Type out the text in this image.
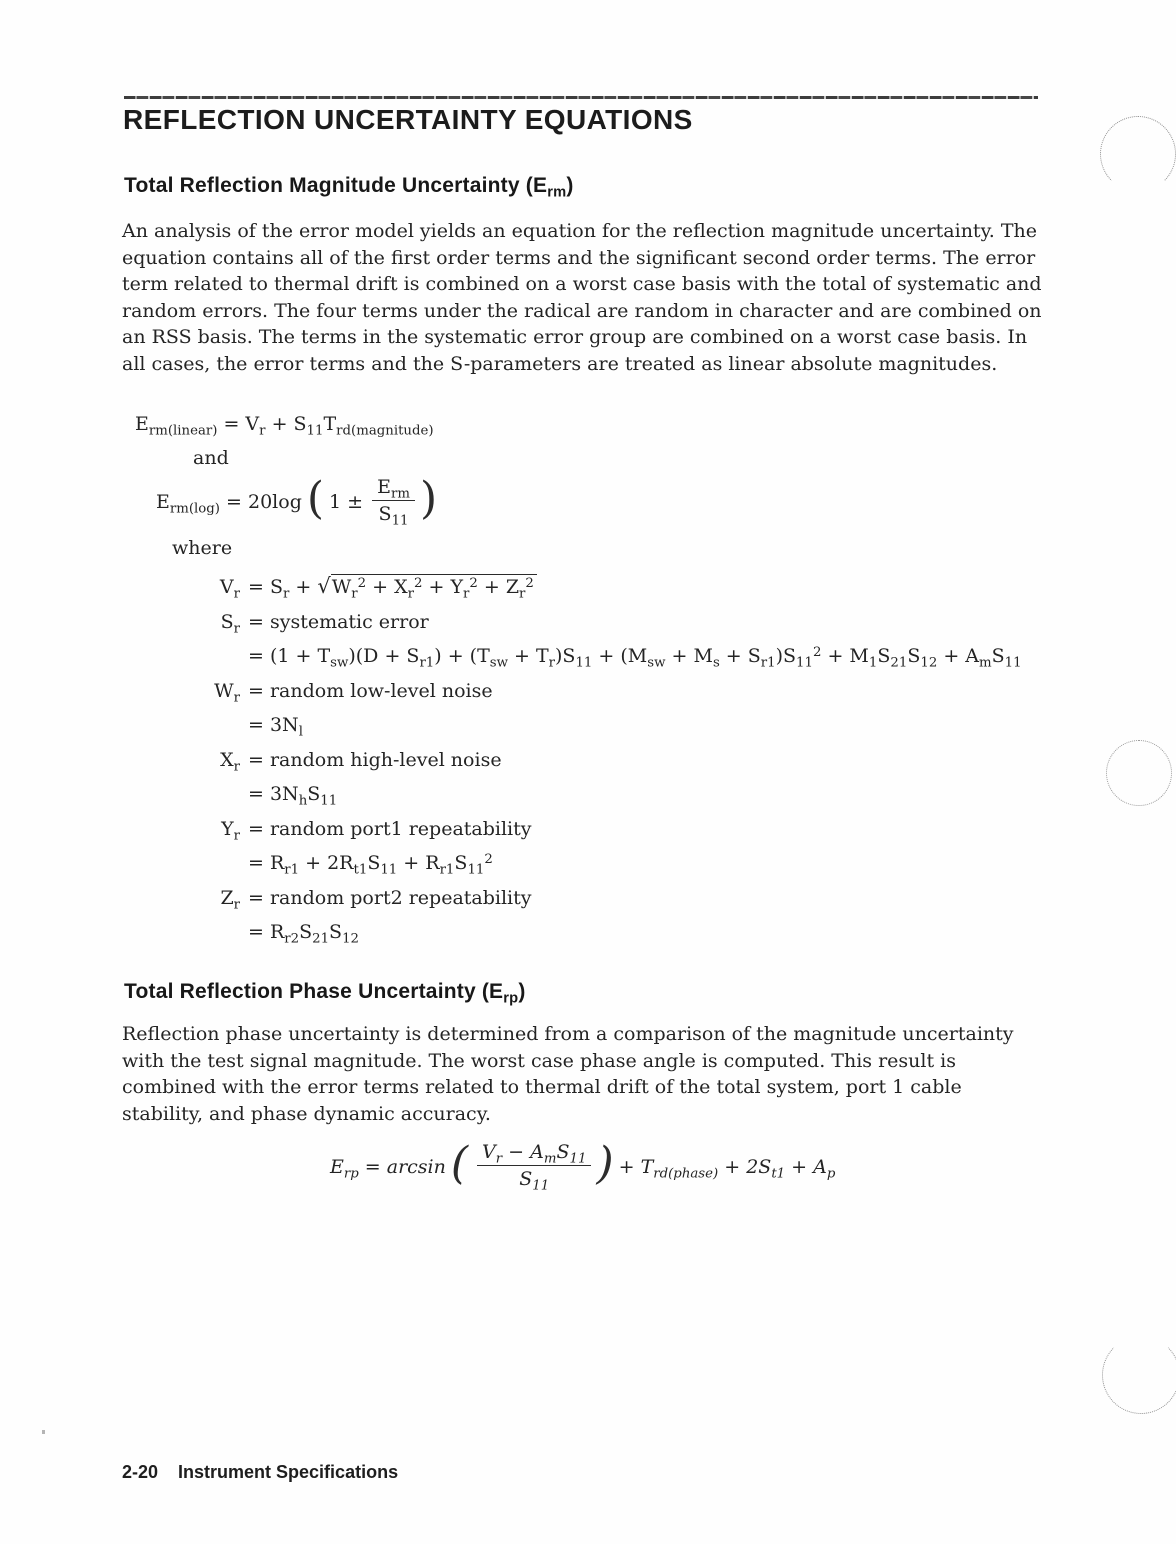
REFLECTION UNCERTAINTY EQUATIONS
Total Reflection Magnitude Uncertainty $(E_{rm})$
An analysis of the error model yields an equation for the reflection magnitude uncertainty. The equation contains all of the first order terms and the significant second order terms. The error term related to thermal drift is combined on a worst case basis with the total of systematic and random errors. The four terms under the radical are random in character and are combined on an RSS basis. The terms in the systematic error group are combined on a worst case basis. In all cases, the error terms and the S-parameters are treated as linear absolute magnitudes.
$E_{rm(linear)} = V_r + S_{11}T_{rd(magnitude)}$
and
$E_{rm(log)} = 20\log$ ( $1 \pm \frac{E_{rm}}{S_{11}}$ )
where
$V_r = S_r + √W_r^2 + X_r^2 + Y_r^2 + Z_r^2$
$S_r$ = systematic error
= $(1 + T_{sw})(D + S_{r1}) + (T_{sw} + T_r)S_{11} + (M_{sw} + M_s + S_{r1})S_{11}^2 + M_1S_{21}S_{12} + A_mS_{11}$
$W_r$ = random low-level noise
= $3N_l$
$X_r$ = random high-level noise
= $3N_hS_{11}$
$Y_r$ = random port1 repeatability
= $R_{r1} + 2R_{t1}S_{11} + R_{r1}S_{11}^2$
$Z_r$ = random port2 repeatability
= $R_{r2}S_{21}S_{12}$
Total Reflection Phase Uncertainty $(E_{rp})$
Reflection phase uncertainty is determined from a comparison of the magnitude uncertainty with the test signal magnitude. The worst case phase angle is computed. This result is combined with the error terms related to thermal drift of the total system, port 1 cable stability, and phase dynamic accuracy.
$E_{rp} = \arcsin$ ( $\frac{V_r - A_mS_{11}}{S_{11}}$ ) + $T_{rd(phase)} + 2S_{t1} + A_p$
2-20 Instrument Specifications
